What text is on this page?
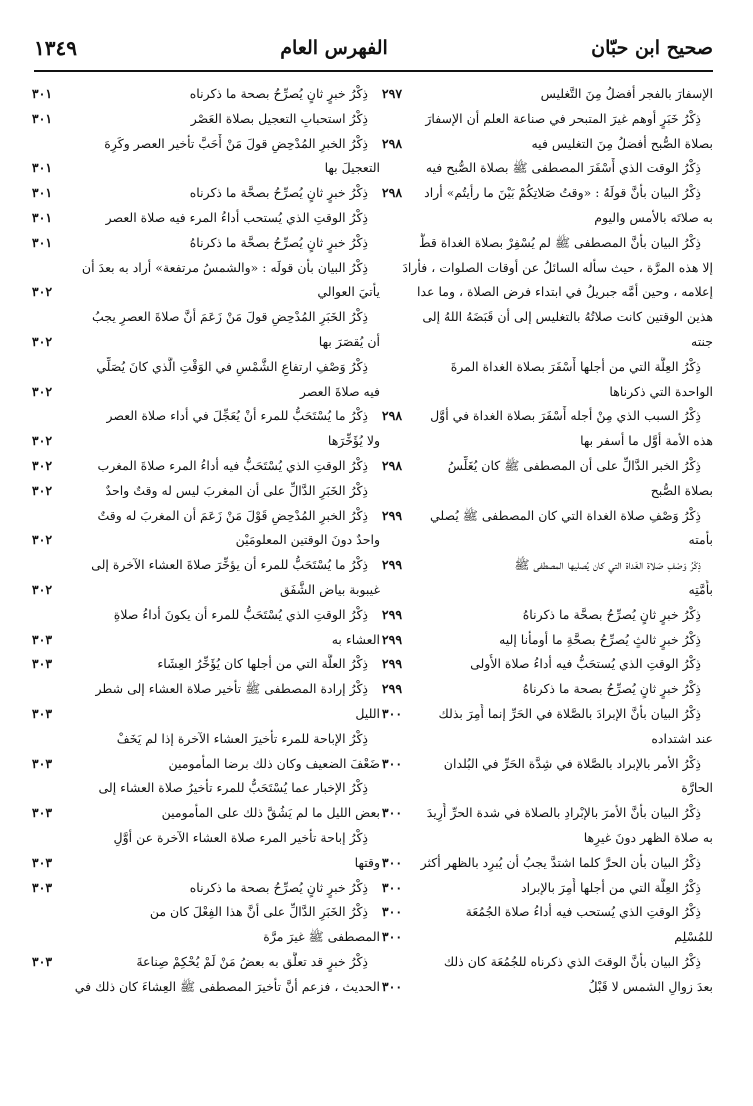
١٣٤٩	الفهرس العام	صحيح ابن حبّان
٢٩٧
٢٩٨
٢٩٨
٢٩٨
٢٩٨
٢٩٩
٢٩٩
٢٩٩
٢٩٩
٢٩٩
٢٩٩
٣٠٠
٣٠٠
٣٠٠
٣٠٠
٣٠٠
٣٠٠
٣٠٠
٣٠٠
٣٠١
٣٠١
٣٠١
٣٠١
٣٠١
٣٠١
٣٠٢
٣٠٢
٣٠٢
٣٠٢
٣٠٢
٣٠٢
٣٠٢
٣٠٢
٣٠٣
٣٠٣
٣٠٣
٣٠٣
٣٠٣
٣٠٣
٣٠٣
٣٠٣
الإسفارَ بالفجر أفضلُ مِنَ التَّغليس
ذِكْرُ خَبَرٍ أوهم غيرَ المتبحر في صناعة العلم أن الإسفارَ
بصلاة الصُّبح أفضلُ مِنَ التغليس فيه
ذِكْرُ الوقت الذي أَسْفَرَ المصطفى ﷺ بصلاة الصُّبح فيه
ذِكْرُ البيان بأنَّ قولَهُ : «وقتُ صَلاتِكُمْ بَيْنَ ما رأيتُم» أراد
به صلاتَه بالأمس واليوم
ذِكْرُ البيان بأنَّ المصطفى ﷺ لم يُسْفِرْ بصلاة الغداة قطُّ
إلا هذه المرَّة ، حيث سأله السائلُ عن أوقات الصلوات ، فأرادَ
إعلامه ، وحين أمَّه جبريلُ في ابتداء فرض الصلاة ، وما عدا
هذين الوقتين كانت صلاتُهُ بالتغليس إلى أن قَبَضَهُ اللهُ إلى
جنته
ذِكْرُ العِلَّة التي من أجلها أَسْفَرَ بصلاة الغداة المرةَ
الواحدة التي ذكرناها
ذِكْرُ السبب الذي مِنْ أجله أَسْفَرَ بصلاة الغداة في أوَّل
هذه الأمة أوَّل ما أسفر بها
ذِكْرُ الخبر الدَّالِّ على أن المصطفى ﷺ كان يُغَلِّسُ
بصلاة الصُّبح
ذِكْرُ وَصْفِ صلاة الغداة التي كان المصطفى ﷺ يُصلي
بأمته
ذِكْرُ وَصْفِ صَلاة الغَداة التي كان يُصليها المصطفى ﷺ
بأُمَّتِه
ذِكْرُ خبرٍ ثانٍ يُصرِّحُ بصحَّة ما ذكرناهُ
ذِكْرُ خبرٍ ثالثٍ يُصرِّحُ بصحَّةِ ما أومأنا إليه
ذِكْرُ الوقتِ الذي يُستحَبُّ فيه أداءُ صلاة الأُولى
ذِكْرُ خبرٍ ثانٍ يُصرِّحُ بصحة ما ذكرناهُ
ذِكْرُ البيان بأنَّ الإبرادَ بالصَّلاة في الحَرِّ إنما أُمِرَ بذلك
عند اشتداده
ذِكْرُ الأمر بالإبراد بالصَّلاة في شِدَّة الحَرِّ في البُلدان
الحارَّة
ذِكْرُ البيان بأنَّ الأمرَ بالإبْرادِ بالصلاة في شدة الحرِّ أُرِيدَ
به صلاة الظهر دونَ غيرِها
ذِكْرُ البيان بأن الحرَّ كلما اشتدَّ يجبُ أن يُبرِد بالظهر أكثر
ذِكْرُ العِلَّة التي من أجلها أُمِرَ بالإبراد
ذِكْرُ الوقتِ الذي يُستحب فيه أداءُ صلاة الجُمُعَة
للمُسْلِم
ذِكْرُ البيان بأنَّ الوقتَ الذي ذكرناه للجُمُعَة كان ذلك
بعدَ زوالِ الشمس لا قَبْلُ
ذِكْرُ خبرٍ ثانٍ يُصرِّحُ بصحة ما ذكرناه
ذِكْرُ استحبابِ التعجيل بصلاة العَصْر
ذِكْرُ الخبرِ المُدْحِضِ قولَ مَنْ أَحَبَّ تأخير العصر وكَرِهَ
التعجيلَ بها
ذِكْرُ خبرٍ ثانٍ يُصرِّحُ بصحَّة ما ذكرناه
ذِكْرُ الوقتِ الذي يُستحب أداءُ المرء فيه صلاة العصر
ذِكْرُ خبرٍ ثانٍ يُصرِّحُ بصحَّة ما ذكرناهُ
ذِكْرُ البيان بأن قولَه : «والشمسُ مرتفعة» أراد به بعدَ أن
يأتيَ العوالي
ذِكْرُ الخَبَرِ المُدْحِضِ قولَ مَنْ زَعَمَ أنَّ صلاةَ العصرِ يجبُ
أن يُقصَرَ بها
ذِكْرُ وَصْفِ ارتفاعِ الشَّمْسِ في الوَقْتِ الَّذي كانَ يُصَلِّي
فيه صلاةَ العصر
ذِكْرُ ما يُسْتَحَبُّ للمرء أنْ يُعَجِّلَ في أداء صلاة العصر
ولا يُؤَخِّرَها
ذِكْرُ الوقتِ الذي يُسْتَحَبُّ فيه أداءُ المرء صلاةَ المغرب
ذِكْرُ الخَبَرِ الدَّالِّ على أن المغربَ ليس له وقتٌ واحدٌ
ذِكْرُ الخبرِ المُدْحِضِ قَوْلَ مَنْ زَعَمَ أن المغربَ له وقتٌ
واحدٌ دونَ الوقتين المعلومَيْن
ذِكْرُ ما يُسْتَحَبُّ للمرء أن يؤخِّرَ صلاةَ العشاء الآخرة إلى
غيبوبة بياض الشَّفَق
ذِكْرُ الوقتِ الذي يُسْتَحَبُّ للمرء أن يكونَ أداءُ صلاةِ
العشاء به
ذِكْرُ العلَّة التي من أجلها كان يُؤَخِّرُ العِشَاء
ذِكْرُ إرادة المصطفى ﷺ تأخير صلاة العشاء إلى شطر
الليل
ذِكْرُ الإباحة للمرء تأخيرَ العشاء الآخرة إذا لم يَخَفْ
ضَعْفَ الضعيف وكان ذلك برضا المأمومين
ذِكْرُ الإخبار عما يُسْتَحَبُّ للمرء تأخيرُ صلاة العشاء إلى
بعض الليل ما لم يَشُقَّ ذلك على المأمومين
ذِكْرُ إباحة تأخير المرء صلاة العشاء الآخرة عن أوَّلِ
وقتها
ذِكْرُ خبرٍ ثانٍ يُصرِّحُ بصحة ما ذكرناه
ذِكْرُ الخَبَرِ الدَّالِّ على أنَّ هذا الفِعْلَ كان من
المصطفى ﷺ غيرَ مرَّة
ذِكْرُ خبرٍ قد تعلَّق به بعضُ مَنْ لَمْ يُحْكِمْ صِناعةَ
الحديث ، فزعم أنَّ تأخيرَ المصطفى ﷺ العِشاءَ كان ذلك في
